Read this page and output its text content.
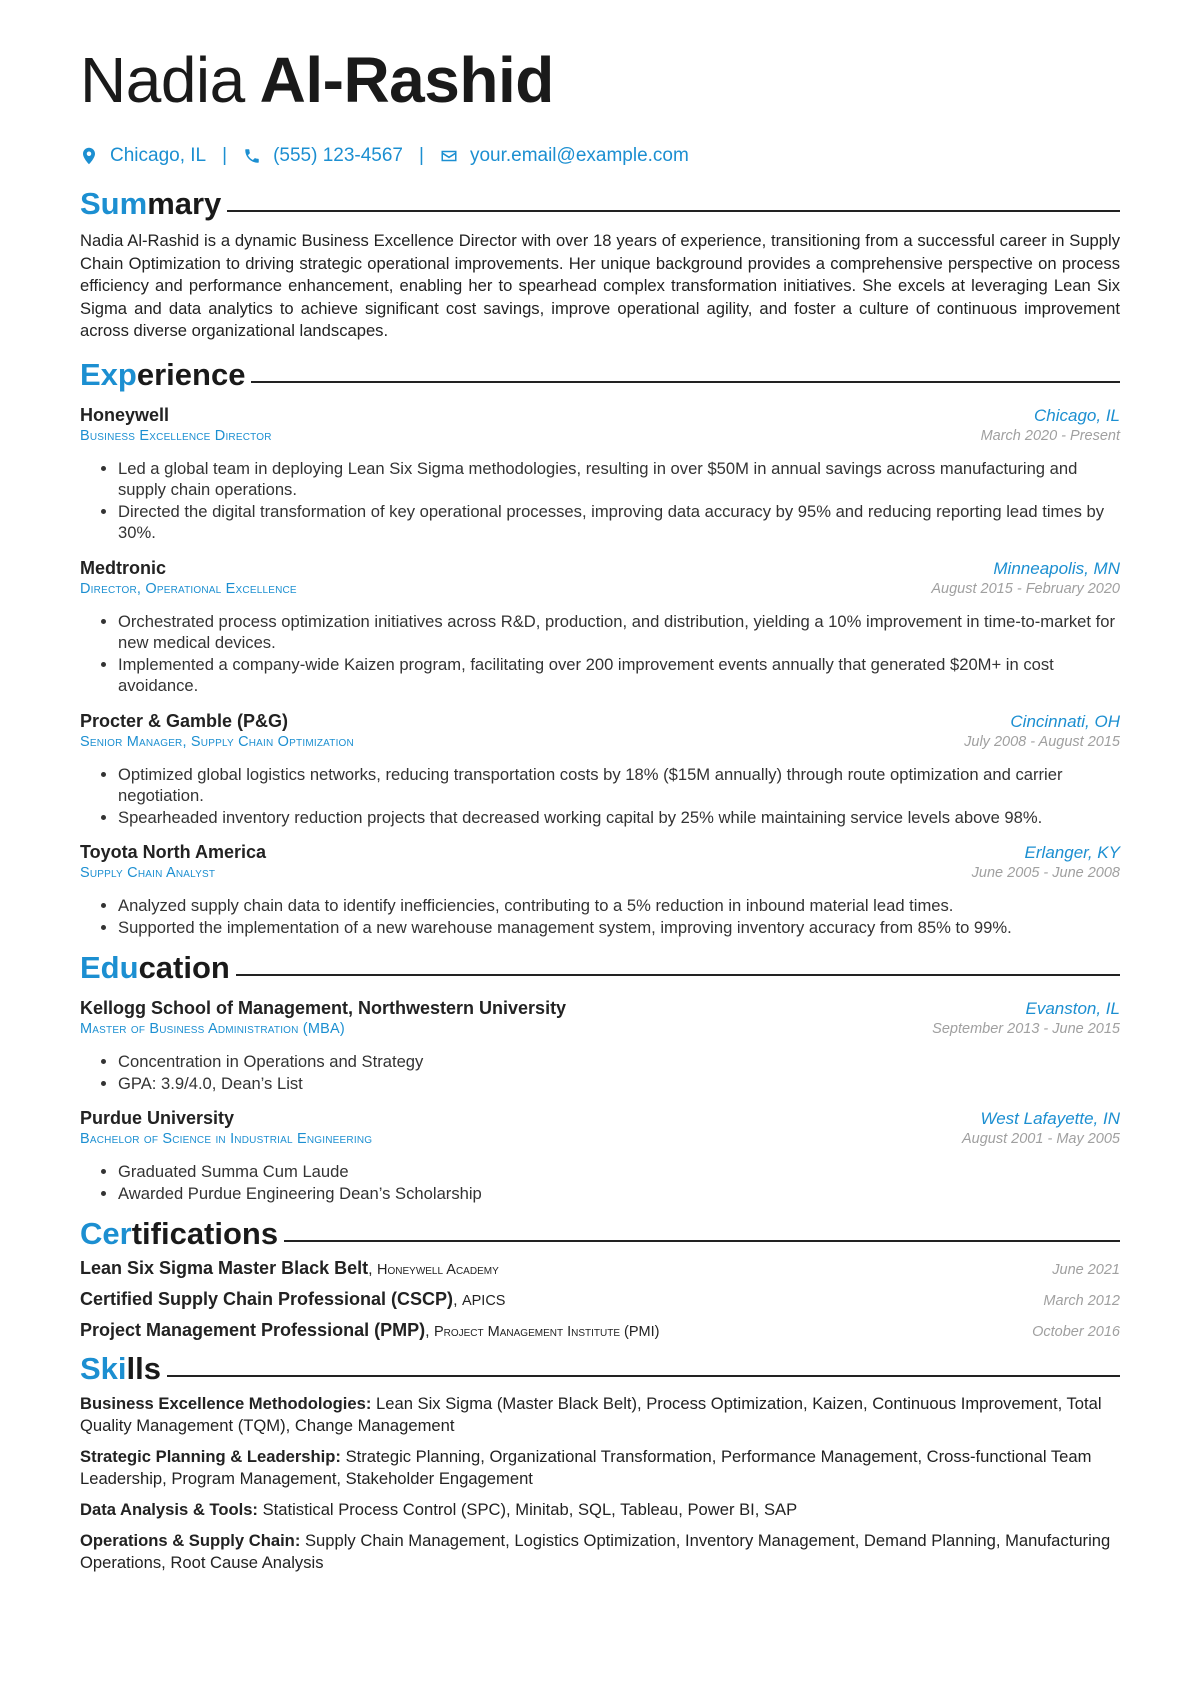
Nadia Al-Rashid
Chicago, IL | (555) 123-4567 | your.email@example.com
Summary

Nadia Al-Rashid is a dynamic Business Excellence Director with over 18 years of experience, transitioning from a successful career in Supply Chain Optimization to driving strategic operational improvements. Her unique background provides a comprehensive perspective on process efficiency and performance enhancement, enabling her to spearhead complex transformation initiatives. She excels at leveraging Lean Six Sigma and data analytics to achieve significant cost savings, improve operational agility, and foster a culture of continuous improvement across diverse organizational landscapes.

Experience
Honeywell	Chicago, IL
Business Excellence Director	March 2020 - Present
• Led a global team in deploying Lean Six Sigma methodologies, resulting in over $50M in annual savings across manufacturing and supply chain operations.
• Directed the digital transformation of key operational processes, improving data accuracy by 95% and reducing reporting lead times by 30%.
Medtronic	Minneapolis, MN
Director, Operational Excellence	August 2015 - February 2020
• Orchestrated process optimization initiatives across R&D, production, and distribution, yielding a 10% improvement in time-to-market for new medical devices.
• Implemented a company-wide Kaizen program, facilitating over 200 improvement events annually that generated $20M+ in cost avoidance.
Procter & Gamble (P&G)	Cincinnati, OH
Senior Manager, Supply Chain Optimization	July 2008 - August 2015
• Optimized global logistics networks, reducing transportation costs by 18% ($15M annually) through route optimization and carrier negotiation.
• Spearheaded inventory reduction projects that decreased working capital by 25% while maintaining service levels above 98%.
Toyota North America	Erlanger, KY
Supply Chain Analyst	June 2005 - June 2008
• Analyzed supply chain data to identify inefficiencies, contributing to a 5% reduction in inbound material lead times.
• Supported the implementation of a new warehouse management system, improving inventory accuracy from 85% to 99%.
Education
Kellogg School of Management, Northwestern University	Evanston, IL
Master of Business Administration (MBA)	September 2013 - June 2015
• Concentration in Operations and Strategy
• GPA: 3.9/4.0, Dean’s List
Purdue University	West Lafayette, IN
Bachelor of Science in Industrial Engineering	August 2001 - May 2005
• Graduated Summa Cum Laude
• Awarded Purdue Engineering Dean’s Scholarship
Certifications
Lean Six Sigma Master Black Belt, Honeywell Academy	June 2021
Certified Supply Chain Professional (CSCP), APICS	March 2012
Project Management Professional (PMP), Project Management Institute (PMI)	October 2016
Skills
Business Excellence Methodologies: Lean Six Sigma (Master Black Belt), Process Optimization, Kaizen, Continuous Improvement, Total Quality Management (TQM), Change Management
Strategic Planning & Leadership: Strategic Planning, Organizational Transformation, Performance Management, Cross-functional Team Leadership, Program Management, Stakeholder Engagement
Data Analysis & Tools: Statistical Process Control (SPC), Minitab, SQL, Tableau, Power BI, SAP
Operations & Supply Chain: Supply Chain Management, Logistics Optimization, Inventory Management, Demand Planning, Manufacturing Operations, Root Cause Analysis
